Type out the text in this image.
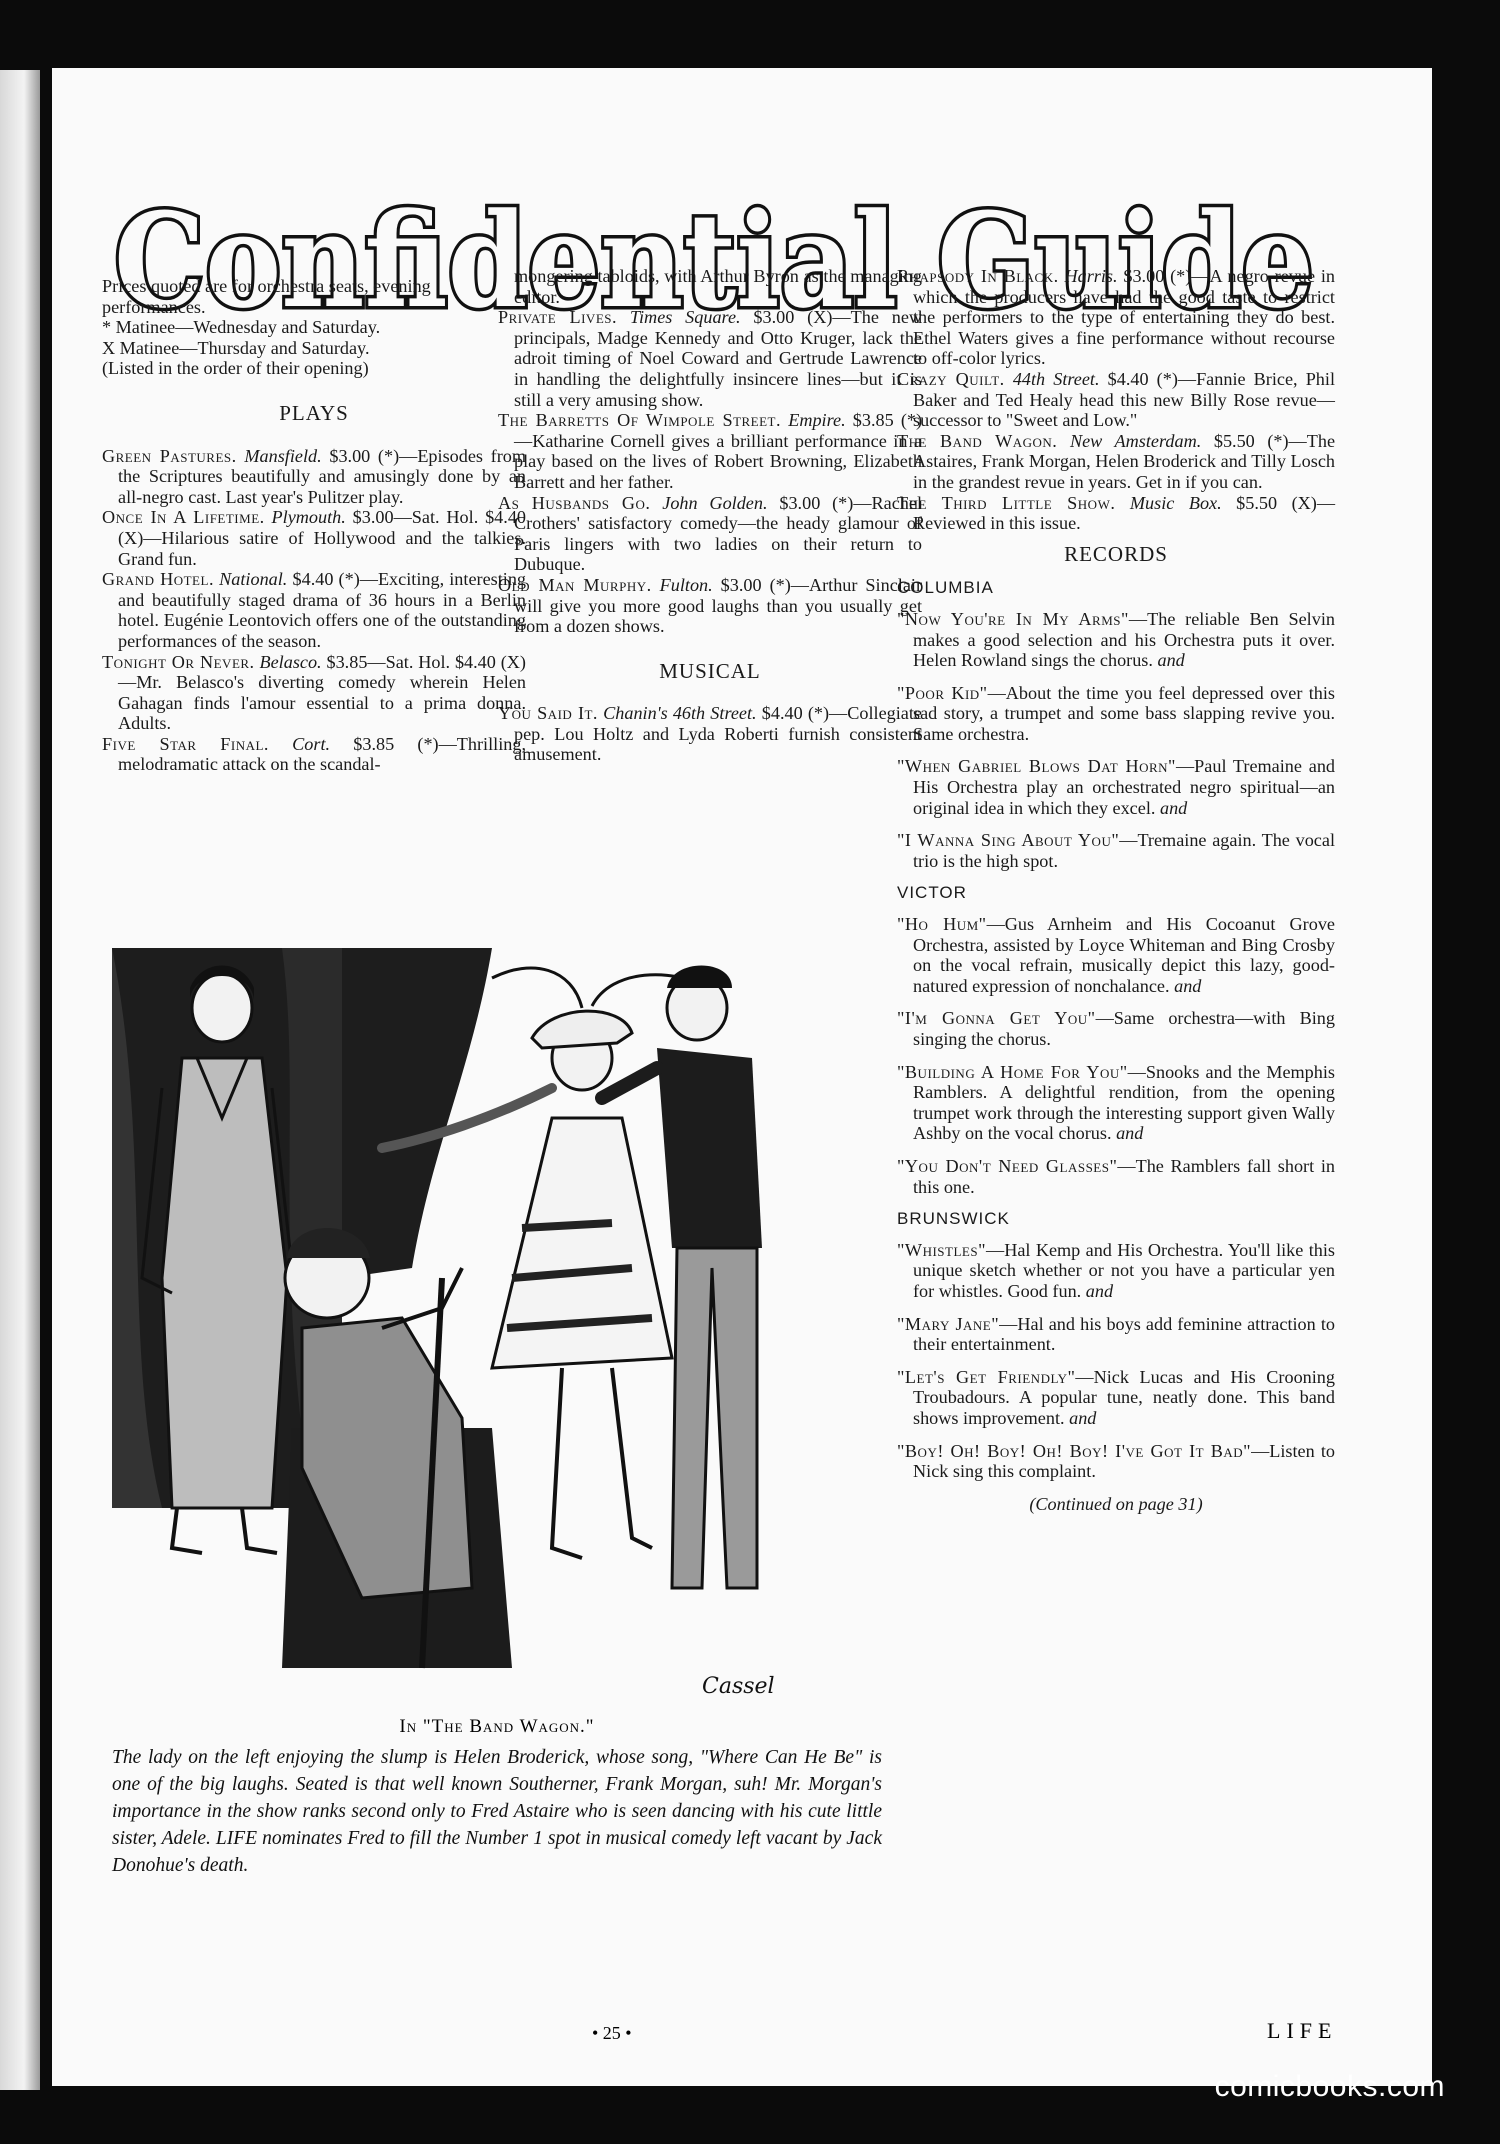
Confidential Guide

Prices quoted are for orchestra seats, evening performances.

* Matinee—Wednesday and Saturday.

X Matinee—Thursday and Saturday.

(Listed in the order of their opening)

PLAYS

Green Pastures. Mansfield. $3.00 (*)—Episodes from the Scriptures beautifully and amusingly done by an all-negro cast. Last year's Pulitzer play.

Once In A Lifetime. Plymouth. $3.00—Sat. Hol. $4.40 (X)—Hilarious satire of Hollywood and the talkies. Grand fun.

Grand Hotel. National. $4.40 (*)—Exciting, interesting and beautifully staged drama of 36 hours in a Berlin hotel. Eugénie Leontovich offers one of the outstanding performances of the season.

Tonight Or Never. Belasco. $3.85—Sat. Hol. $4.40 (X)—Mr. Belasco's diverting comedy wherein Helen Gahagan finds l'amour essential to a prima donna. Adults.

Five Star Final. Cort. $3.85 (*)—Thrilling, melodramatic attack on the scandal-

mongering tabloids, with Arthur Byron as the managing editor.

Private Lives. Times Square. $3.00 (X)—The new principals, Madge Kennedy and Otto Kruger, lack the adroit timing of Noel Coward and Gertrude Lawrence in handling the delightfully insincere lines—but it is still a very amusing show.

The Barretts Of Wimpole Street. Empire. $3.85 (*)—Katharine Cornell gives a brilliant performance in a play based on the lives of Robert Browning, Elizabeth Barrett and her father.

As Husbands Go. John Golden. $3.00 (*)—Rachel Crothers' satisfactory comedy—the heady glamour of Paris lingers with two ladies on their return to Dubuque.

Old Man Murphy. Fulton. $3.00 (*)—Arthur Sinclair will give you more good laughs than you usually get from a dozen shows.

MUSICAL

You Said It. Chanin's 46th Street. $4.40 (*)—Collegiate pep. Lou Holtz and Lyda Roberti furnish consistent amusement.

Rhapsody In Black. Harris. $3.00 (*)—A negro revue in which the producers have had the good taste to restrict the performers to the type of entertaining they do best. Ethel Waters gives a fine performance without recourse to off-color lyrics.

Crazy Quilt. 44th Street. $4.40 (*)—Fannie Brice, Phil Baker and Ted Healy head this new Billy Rose revue—successor to "Sweet and Low."

The Band Wagon. New Amsterdam. $5.50 (*)—The Astaires, Frank Morgan, Helen Broderick and Tilly Losch in the grandest revue in years. Get in if you can.

The Third Little Show. Music Box. $5.50 (X)—Reviewed in this issue.

RECORDS
COLUMBIA

"Now You're In My Arms"—The reliable Ben Selvin makes a good selection and his Orchestra puts it over. Helen Rowland sings the chorus. and

"Poor Kid"—About the time you feel depressed over this sad story, a trumpet and some bass slapping revive you. Same orchestra.

"When Gabriel Blows Dat Horn"—Paul Tremaine and His Orchestra play an orchestrated negro spiritual—an original idea in which they excel. and

"I Wanna Sing About You"—Tremaine again. The vocal trio is the high spot.

VICTOR

"Ho Hum"—Gus Arnheim and His Cocoanut Grove Orchestra, assisted by Loyce Whiteman and Bing Crosby on the vocal refrain, musically depict this lazy, good-natured expression of nonchalance. and

"I'm Gonna Get You"—Same orchestra—with Bing singing the chorus.

"Building A Home For You"—Snooks and the Memphis Ramblers. A delightful rendition, from the opening trumpet work through the interesting support given Wally Ashby on the vocal chorus. and

"You Don't Need Glasses"—The Ramblers fall short in this one.

BRUNSWICK

"Whistles"—Hal Kemp and His Orchestra. You'll like this unique sketch whether or not you have a particular yen for whistles. Good fun. and

"Mary Jane"—Hal and his boys add feminine attraction to their entertainment.

"Let's Get Friendly"—Nick Lucas and His Crooning Troubadours. A popular tune, neatly done. This band shows improvement. and

"Boy! Oh! Boy! Oh! Boy! I've Got It Bad"—Listen to Nick sing this complaint.

(Continued on page 31)

Cassel
In "The Band Wagon."
The lady on the left enjoying the slump is Helen Broderick, whose song, "Where Can He Be" is one of the big laughs. Seated is that well known Southerner, Frank Morgan, suh! Mr. Morgan's importance in the show ranks second only to Fred Astaire who is seen dancing with his cute little sister, Adele. LIFE nominates Fred to fill the Number 1 spot in musical comedy left vacant by Jack Donohue's death.
• 25 •	LIFE
comicbooks.com
